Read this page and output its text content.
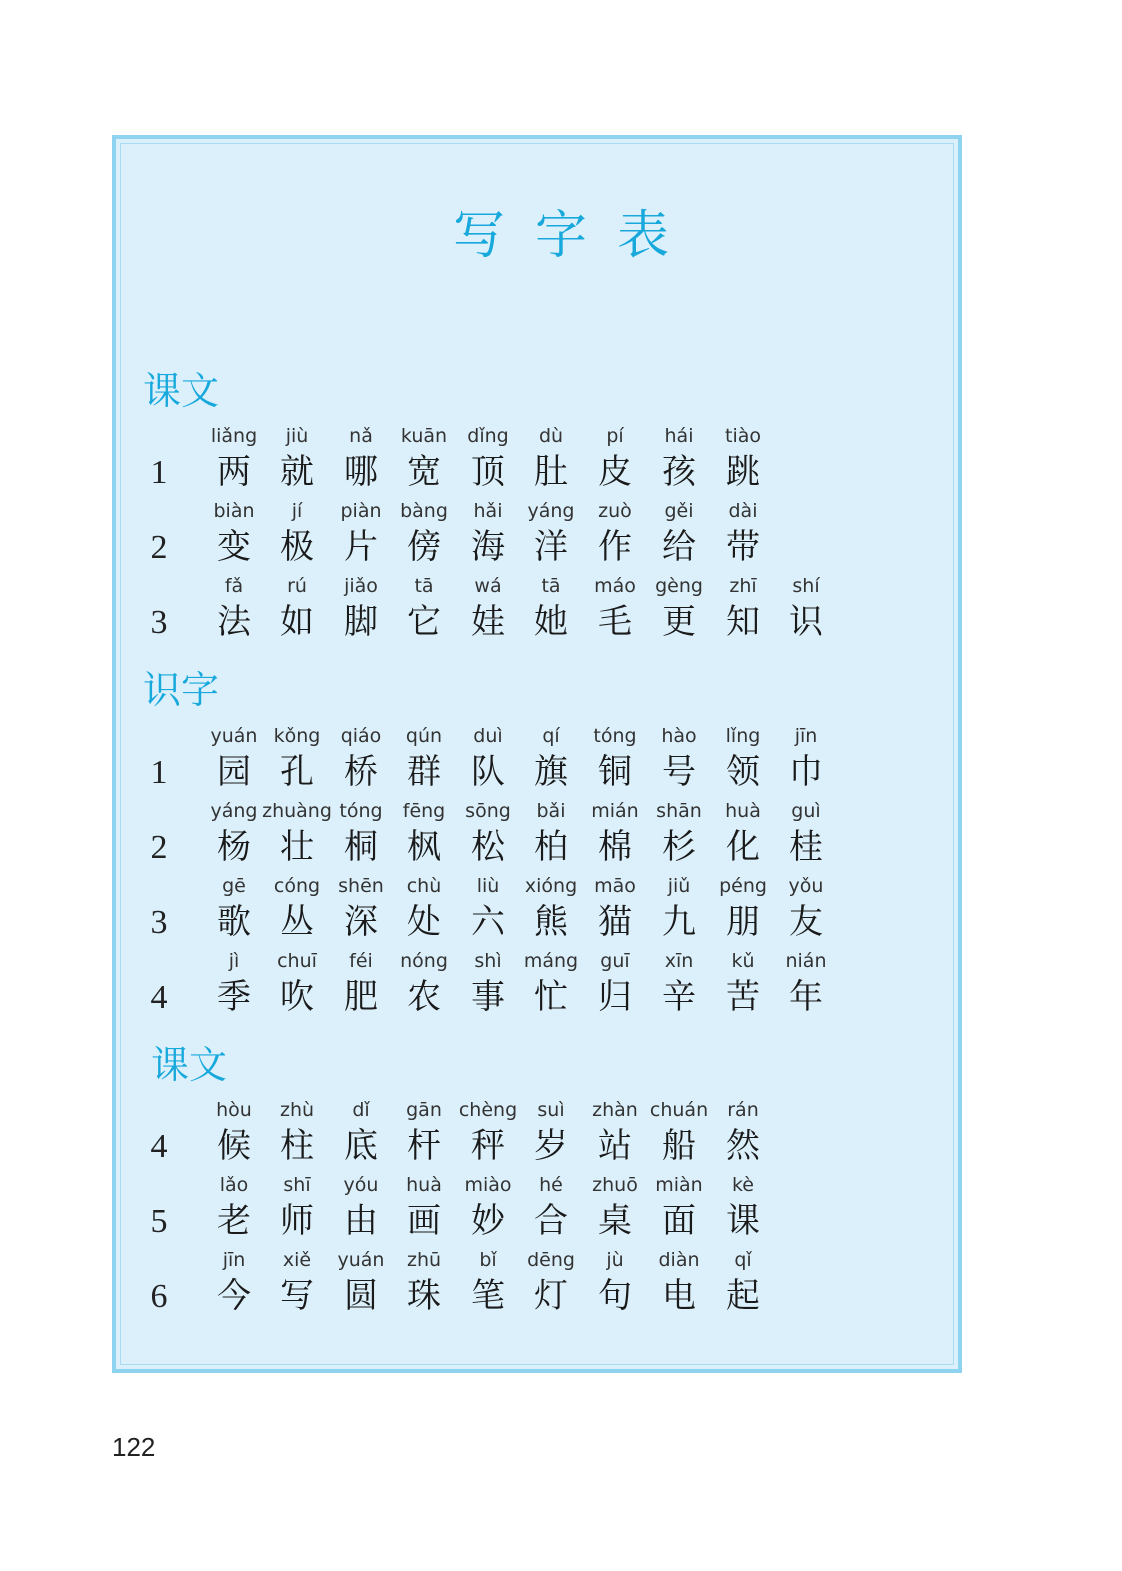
写字表
课文
1
liǎng
两
jiù
就
nǎ
哪
kuān
宽
dǐng
顶
dù
肚
pí
皮
hái
孩
tiào
跳
2
biàn
变
jí
极
piàn
片
bàng
傍
hǎi
海
yáng
洋
zuò
作
gěi
给
dài
带
3
fǎ
法
rú
如
jiǎo
脚
tā
它
wá
娃
tā
她
máo
毛
gèng
更
zhī
知
shí
识
识字
1
yuán
园
kǒng
孔
qiáo
桥
qún
群
duì
队
qí
旗
tóng
铜
hào
号
lǐng
领
jīn
巾
2
yáng
杨
zhuàng
壮
tóng
桐
fēng
枫
sōng
松
bǎi
柏
mián
棉
shān
杉
huà
化
guì
桂
3
gē
歌
cóng
丛
shēn
深
chù
处
liù
六
xióng
熊
māo
猫
jiǔ
九
péng
朋
yǒu
友
4
jì
季
chuī
吹
féi
肥
nóng
农
shì
事
máng
忙
guī
归
xīn
辛
kǔ
苦
nián
年
课文
4
hòu
候
zhù
柱
dǐ
底
gān
杆
chèng
秤
suì
岁
zhàn
站
chuán
船
rán
然
5
lǎo
老
shī
师
yóu
由
huà
画
miào
妙
hé
合
zhuō
桌
miàn
面
kè
课
6
jīn
今
xiě
写
yuán
圆
zhū
珠
bǐ
笔
dēng
灯
jù
句
diàn
电
qǐ
起
122
